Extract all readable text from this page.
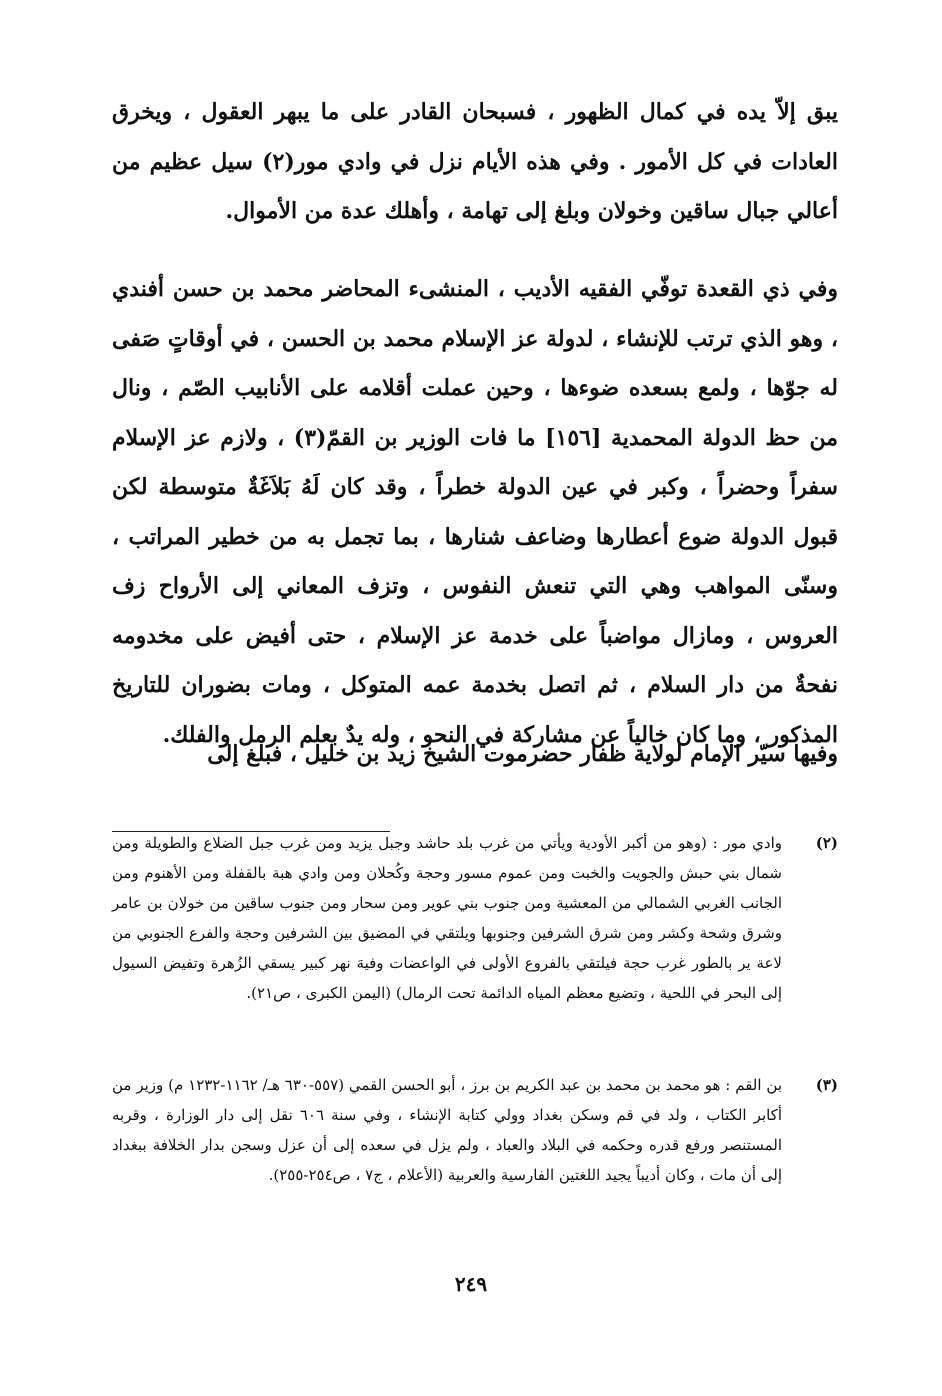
يبق إلاّ يده في كمال الظهور ، فسبحان القادر على ما يبهر العقول ، ويخرق العادات في كل الأمور . وفي هذه الأيام نزل في وادي مور(٢) سيل عظيم من أعالي جبال ساقين وخولان وبلغ إلى تهامة ، وأهلك عدة من الأموال.

وفي ذي القعدة توفّي الفقيه الأديب ، المنشىء المحاضر محمد بن حسن أفندي ، وهو الذي ترتب للإنشاء ، لدولة عز الإسلام محمد بن الحسن ، في أوقاتٍ صَفى له جوّها ، ولمع بسعده ضوءها ، وحين عملت أقلامه على الأنابيب الصّم ، ونال من حظ الدولة المحمدية [١٥٦] ما فات الوزير بن القمّ(٣) ، ولازم عز الإسلام سفراً وحضراً ، وكبر في عين الدولة خطراً ، وقد كان لَهُ بَلاَغَةٌ متوسطة لكن قبول الدولة ضوع أعطارها وضاعف شنارها ، بما تجمل به من خطير المراتب ، وسنّى المواهب وهي التي تنعش النفوس ، وتزف المعاني إلى الأرواح زف العروس ، ومازال مواضباً على خدمة عز الإسلام ، حتى أفيض على مخدومه نفحةٌ من دار السلام ، ثم اتصل بخدمة عمه المتوكل ، ومات بضوران للتاريخ المذكور ، وما كان خالياً عن مشاركة في النحو ، وله يدٌ بعلم الرمل والفلك.

وفيها سيّر الإمام لولاية ظفار حضرموت الشيخ زيد بن خليل ، فبلغ إلى

(٢)
وادي مور : (وهو من أكبر الأودية ويأتي من غرب بلد حاشد وجبل يزيد ومن غرب جبل الضلاع والطويلة ومن شمال بني حبش والجويت والخبت ومن عموم مسور وحجة وكُحلان ومن وادي هبة بالقفلة ومن الأهنوم ومن الجانب الغربي الشمالي من المعشية ومن جنوب بني عوير ومن سحار ومن جنوب ساقين من خولان بن عامر وشرق وشحة وكشر ومن شرق الشرفين وجنوبها ويلتقي في المضيق بين الشرفين وحجة والفرع الجنوبي من لاعة ير بالطور غرب حجة فيلتقي بالفروع الأولى في الواعضات وفيهَ نهر كبير يسقي الزُهرة وتفيض السيول إلى البحر في اللحية ، وتضيع معظم المياه الدائمة تحت الرمال) (اليمن الكبرى ، ص٢١).
(٣)
بن القم : هو محمد بن محمد بن عبد الكريم بن برز ، أبو الحسن القمي (٥٥٧-٦٣٠ هـ/ ١١٦٢-١٢٣٢ م) وزير من أكابر الكتاب ، ولد في قم وسكن بغداد وولي كتابة الإنشاء ، وفي سنة ٦٠٦ نقل إلى دار الوزارة ، وقربه المستنصر ورفع قدره وحكمه في البلاد والعباد ، ولم يزل في سعده إلى أن عزل وسجن بدار الخلافة ببغداد إلى أن مات ، وكان أديباً يجيد اللغتين الفارسية والعربية (الأعلام ، ج٧ ، ص٢٥٤-٢٥٥).
٢٤٩
